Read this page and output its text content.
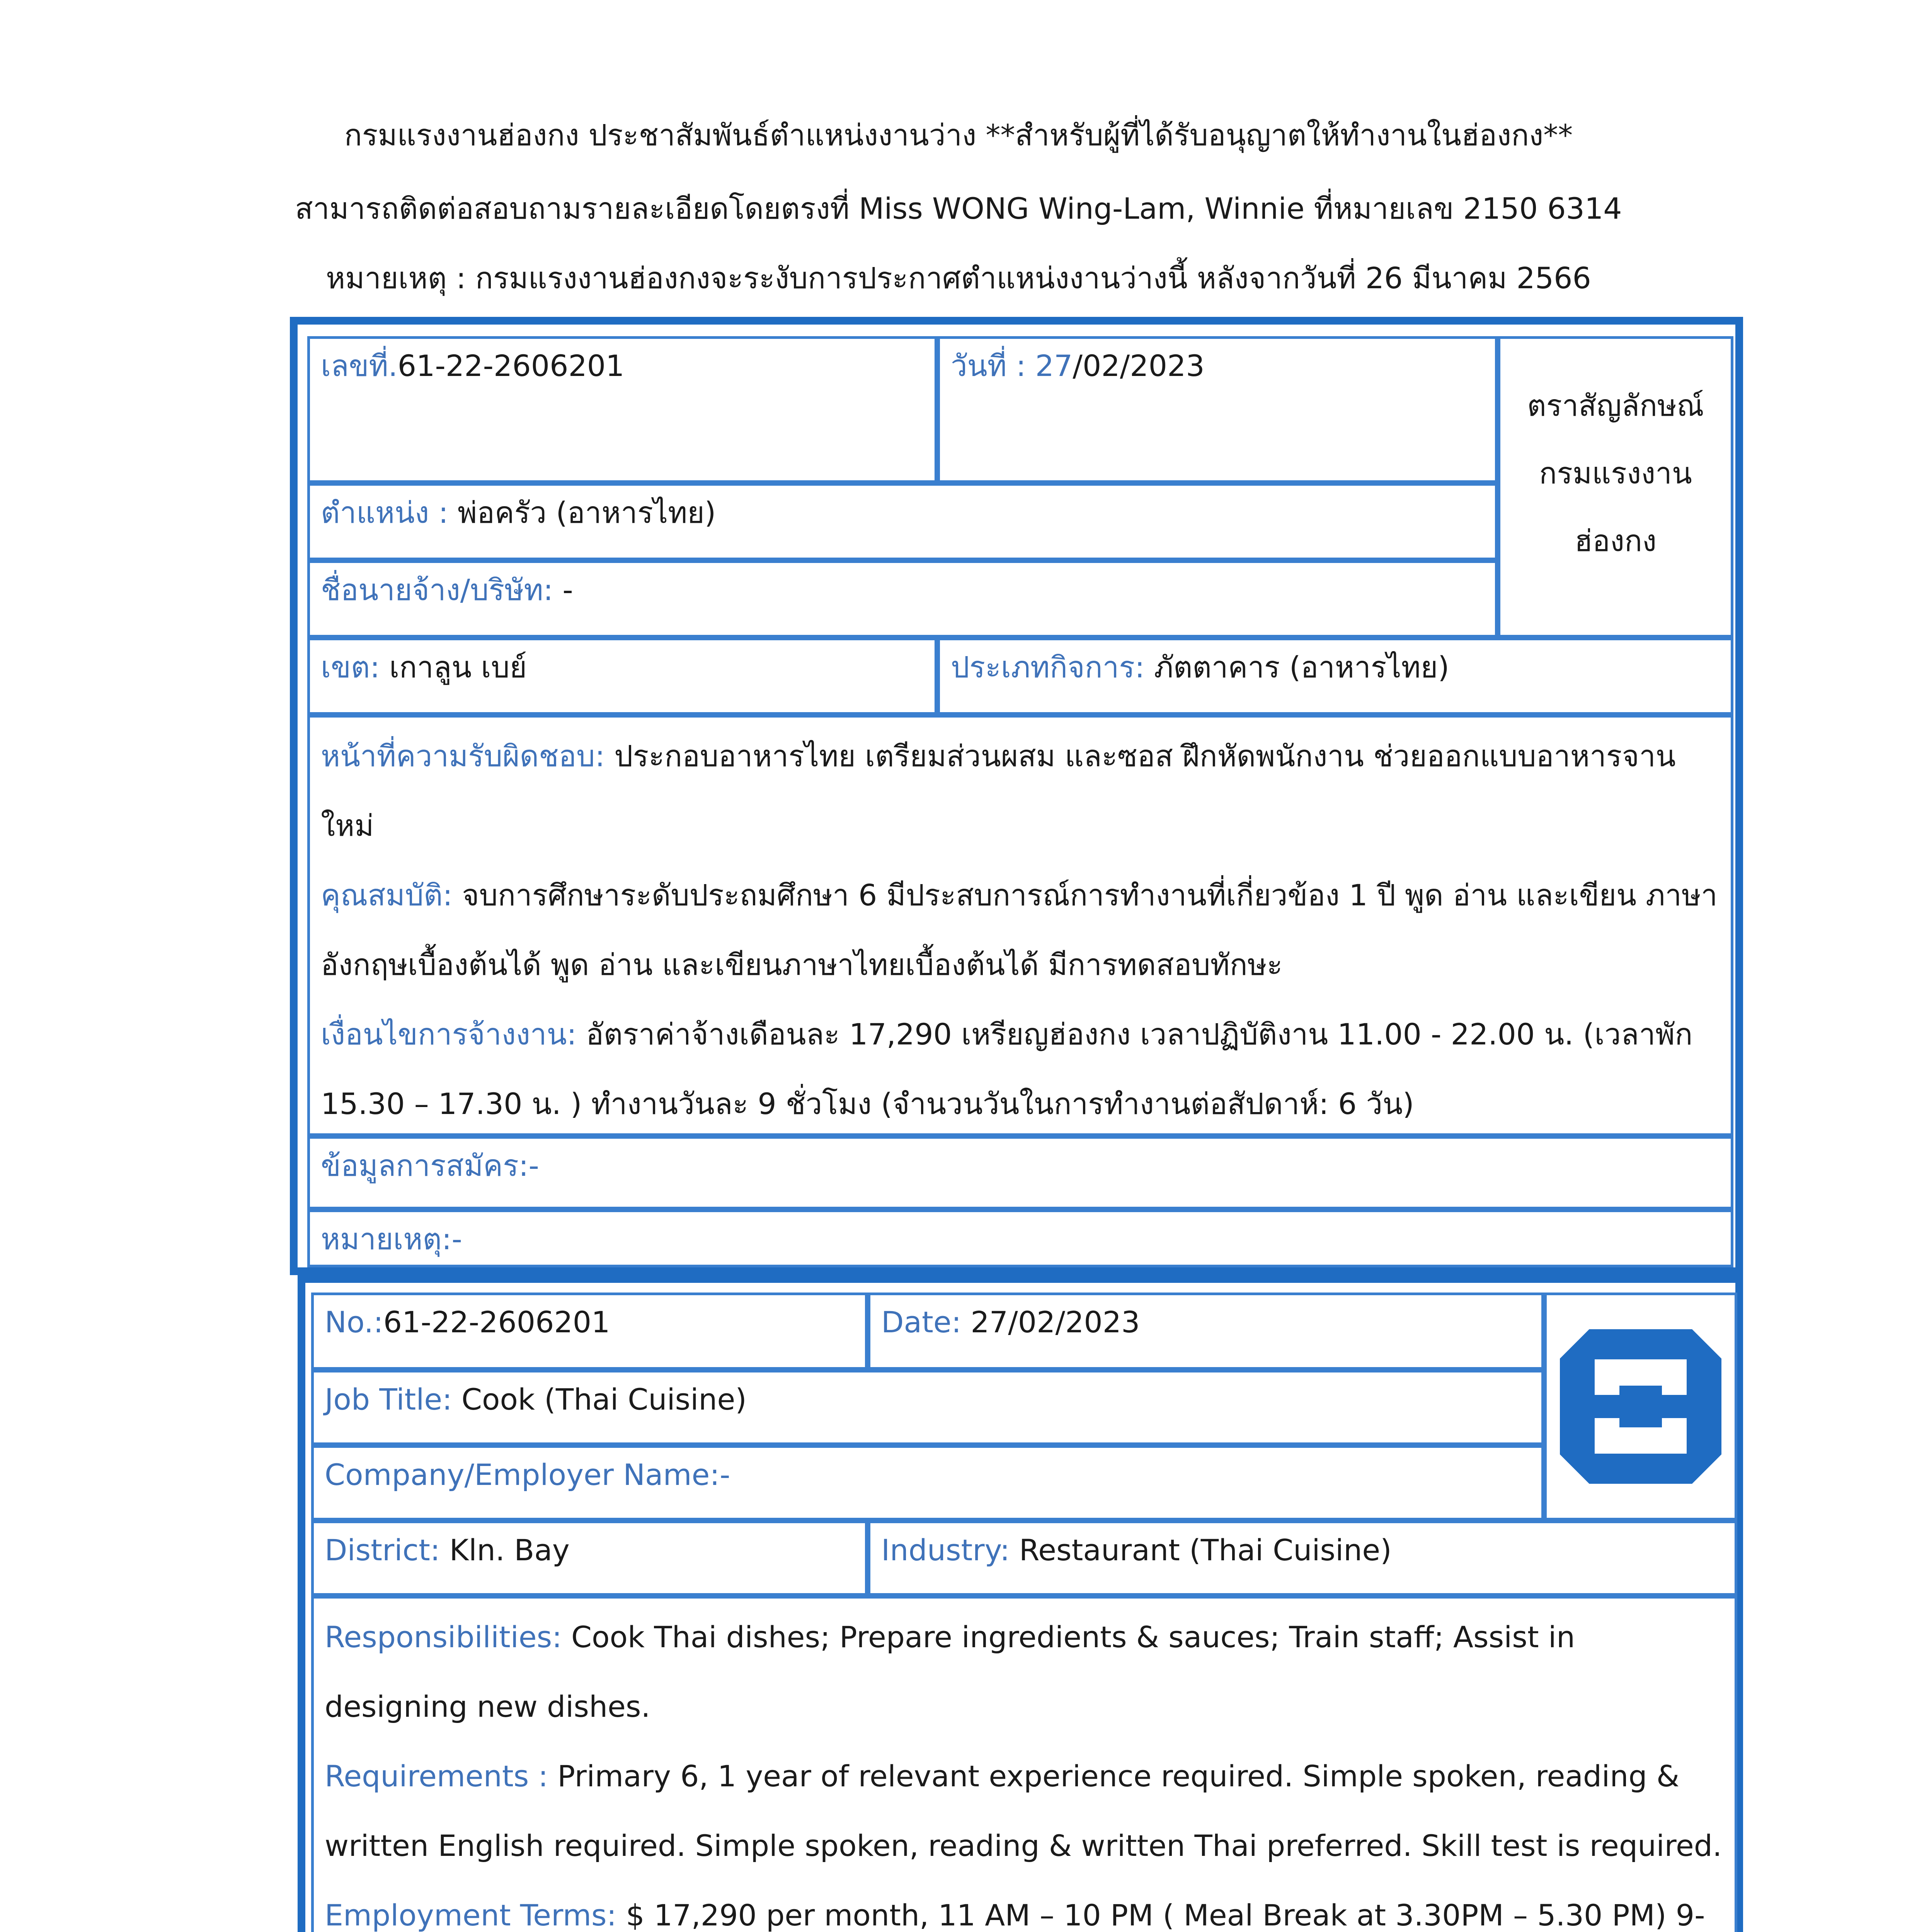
กรมแรงงานฮ่องกง ประชาสัมพันธ์ตำแหน่งงานว่าง **สำหรับผู้ที่ได้รับอนุญาตให้ทำงานในฮ่องกง**
สามารถติดต่อสอบถามรายละเอียดโดยตรงที่ Miss WONG Wing-Lam, Winnie ที่หมายเลข 2150 6314
หมายเหตุ : กรมแรงงานฮ่องกงจะระงับการประกาศตำแหน่งงานว่างนี้ หลังจากวันที่ 26 มีนาคม 2566
เลขที่.61-22-2606201	วันที่ : 27/02/2023
ตราสัญลักษณ์ กรมแรงงาน ฮ่องกง
ตำแหน่ง : พ่อครัว (อาหารไทย)
ชื่อนายจ้าง/บริษัท: -
เขต: เกาลูน เบย์	ประเภทกิจการ: ภัตตาคาร (อาหารไทย)
หน้าที่ความรับผิดชอบ: ประกอบอาหารไทย เตรียมส่วนผสม และซอส ฝึกหัดพนักงาน ช่วยออกแบบอาหารจานใหม่
คุณสมบัติ: จบการศึกษาระดับประถมศึกษา 6 มีประสบการณ์การทำงานที่เกี่ยวข้อง 1 ปี พูด อ่าน และเขียน ภาษาอังกฤษเบื้องต้นได้ พูด อ่าน และเขียนภาษาไทยเบื้องต้นได้ มีการทดสอบทักษะ
เงื่อนไขการจ้างงาน: อัตราค่าจ้างเดือนละ 17,290 เหรียญฮ่องกง เวลาปฏิบัติงาน 11.00 - 22.00 น. (เวลาพัก 15.30 – 17.30 น. ) ทำงานวันละ 9 ชั่วโมง (จำนวนวันในการทำงานต่อสัปดาห์: 6 วัน)
ข้อมูลการสมัคร:-
หมายเหตุ:-
No.:61-22-2606201	Date: 27/02/2023
Job Title: Cook (Thai Cuisine)
Company/Employer Name:-
District: Kln. Bay	Industry: Restaurant (Thai Cuisine)
Responsibilities: Cook Thai dishes; Prepare ingredients & sauces; Train staff; Assist in designing new dishes.
Requirements : Primary 6, 1 year of relevant experience required. Simple spoken, reading & written English required. Simple spoken, reading & written Thai preferred. Skill test is required.
Employment Terms: $ 17,290 per month, 11 AM – 10 PM ( Meal Break at 3.30PM – 5.30 PM) 9-
